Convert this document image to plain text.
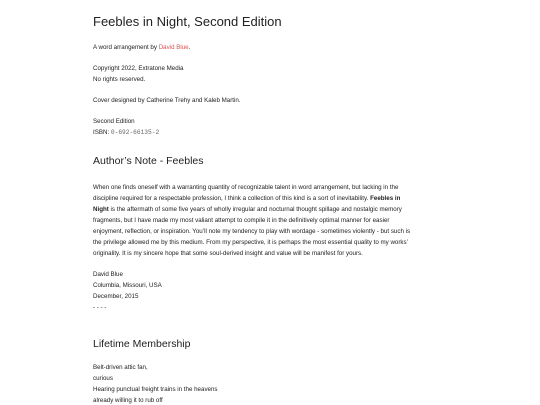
Feebles in Night, Second Edition

A word arrangement by David Blue.

Copyright 2022, Extratone Media

No rights reserved.

Cover designed by Catherine Trehy and Kaleb Martin.

Second Edition

ISBN: 0-692-66135-2

Author’s Note - Feebles

When one finds oneself with a warranting quantity of recognizable talent in word arrangement, but lacking in the

discipline required for a respectable profession, I think a collection of this kind is a sort of inevitability. Feebles in

Night is the aftermath of some five years of wholly irregular and nocturnal thought spillage and nostalgic memory

fragments, but I have made my most valiant attempt to compile it in the definitively optimal manner for easier

enjoyment, reflection, or inspiration. You’ll note my tendency to play with wordage - sometimes violently - but such is

the privilege allowed me by this medium. From my perspective, it is perhaps the most essential quality to my works’

originality. It is my sincere hope that some soul-derived insight and value will be manifest for yours.

David Blue

Columbia, Missouri, USA

December, 2015

- - - -

Lifetime Membership

Belt-driven attic fan,

curious

Hearing punctual freight trains in the heavens

already willing it to rub off
